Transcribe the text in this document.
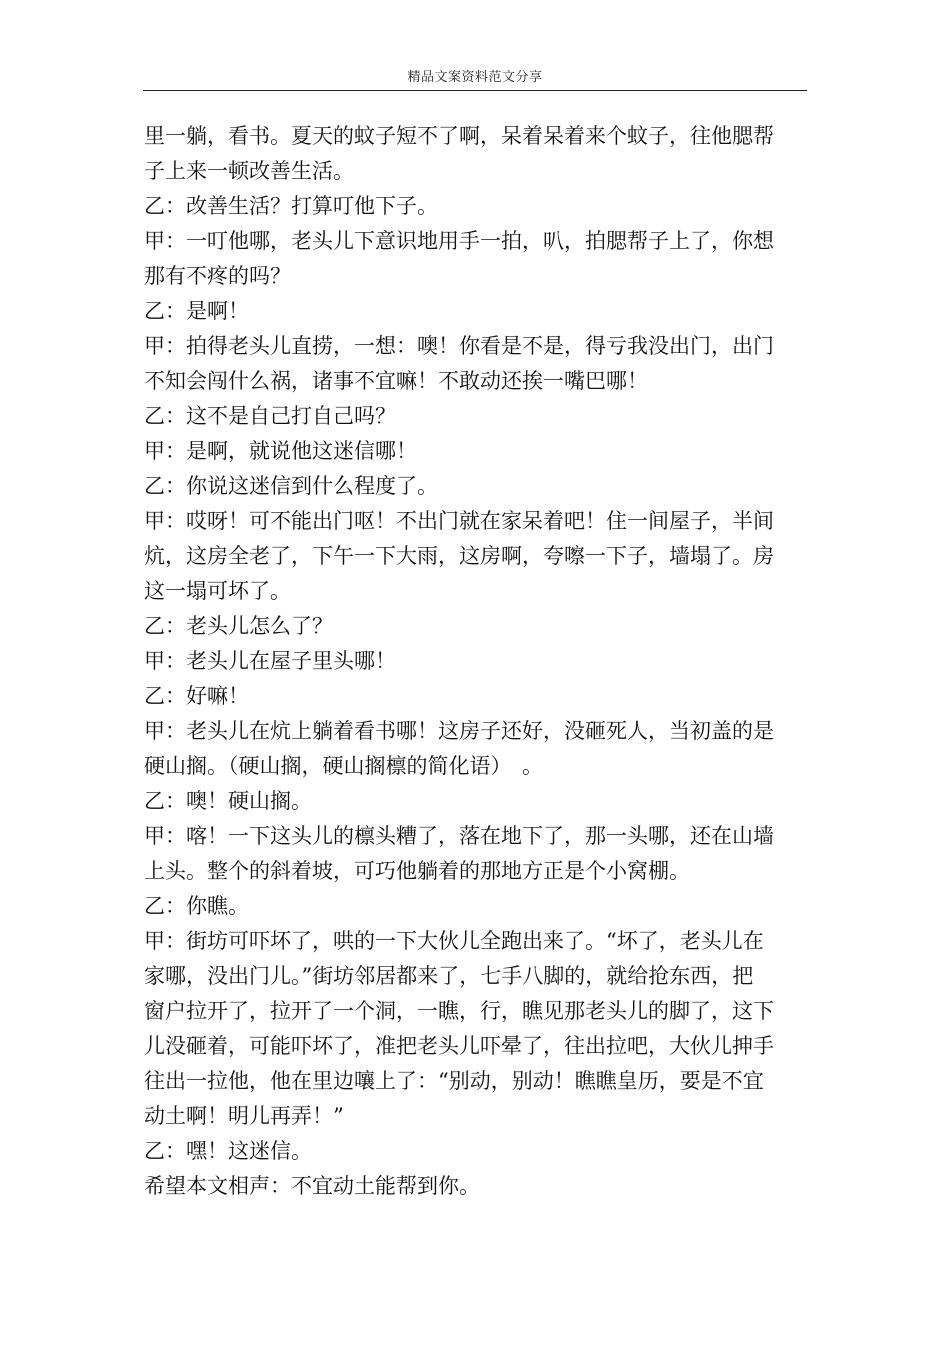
精品文案资料范文分享
里一躺，看书。夏天的蚊子短不了啊，呆着呆着来个蚊子，往他腮帮
子上来一顿改善生活。
乙：改善生活？打算叮他下子。
甲：一叮他哪，老头儿下意识地用手一拍，叭，拍腮帮子上了，你想
那有不疼的吗？
乙：是啊！
甲：拍得老头儿直捞，一想：噢！你看是不是，得亏我没出门，出门
不知会闯什么祸，诸事不宜嘛！不敢动还挨一嘴巴哪！
乙：这不是自己打自己吗？
甲：是啊，就说他这迷信哪！
乙：你说这迷信到什么程度了。
甲：哎呀！可不能出门呕！不出门就在家呆着吧！住一间屋子，半间
炕，这房全老了，下午一下大雨，这房啊，夸嚓一下子，墙塌了。房
这一塌可坏了。
乙：老头儿怎么了？
甲：老头儿在屋子里头哪！
乙：好嘛！
甲：老头儿在炕上躺着看书哪！这房子还好，没砸死人，当初盖的是
硬山搁。（硬山搁，硬山搁檩的简化语）　。
乙：噢！硬山搁。
甲：喀！一下这头儿的檩头糟了，落在地下了，那一头哪，还在山墙
上头。整个的斜着坡，可巧他躺着的那地方正是个小窝棚。
乙：你瞧。
甲：街坊可吓坏了，哄的一下大伙儿全跑出来了。“坏了，老头儿在
家哪，没出门儿。”街坊邻居都来了，七手八脚的，就给抢东西，把
窗户拉开了，拉开了一个洞，一瞧，行，瞧见那老头儿的脚了，这下
儿没砸着，可能吓坏了，准把老头儿吓晕了，往出拉吧，大伙儿抻手
往出一拉他，他在里边嚷上了：“别动，别动！瞧瞧皇历，要是不宜
动土啊！明儿再弄！”
乙：嘿！这迷信。
希望本文相声：不宜动土能帮到你。
